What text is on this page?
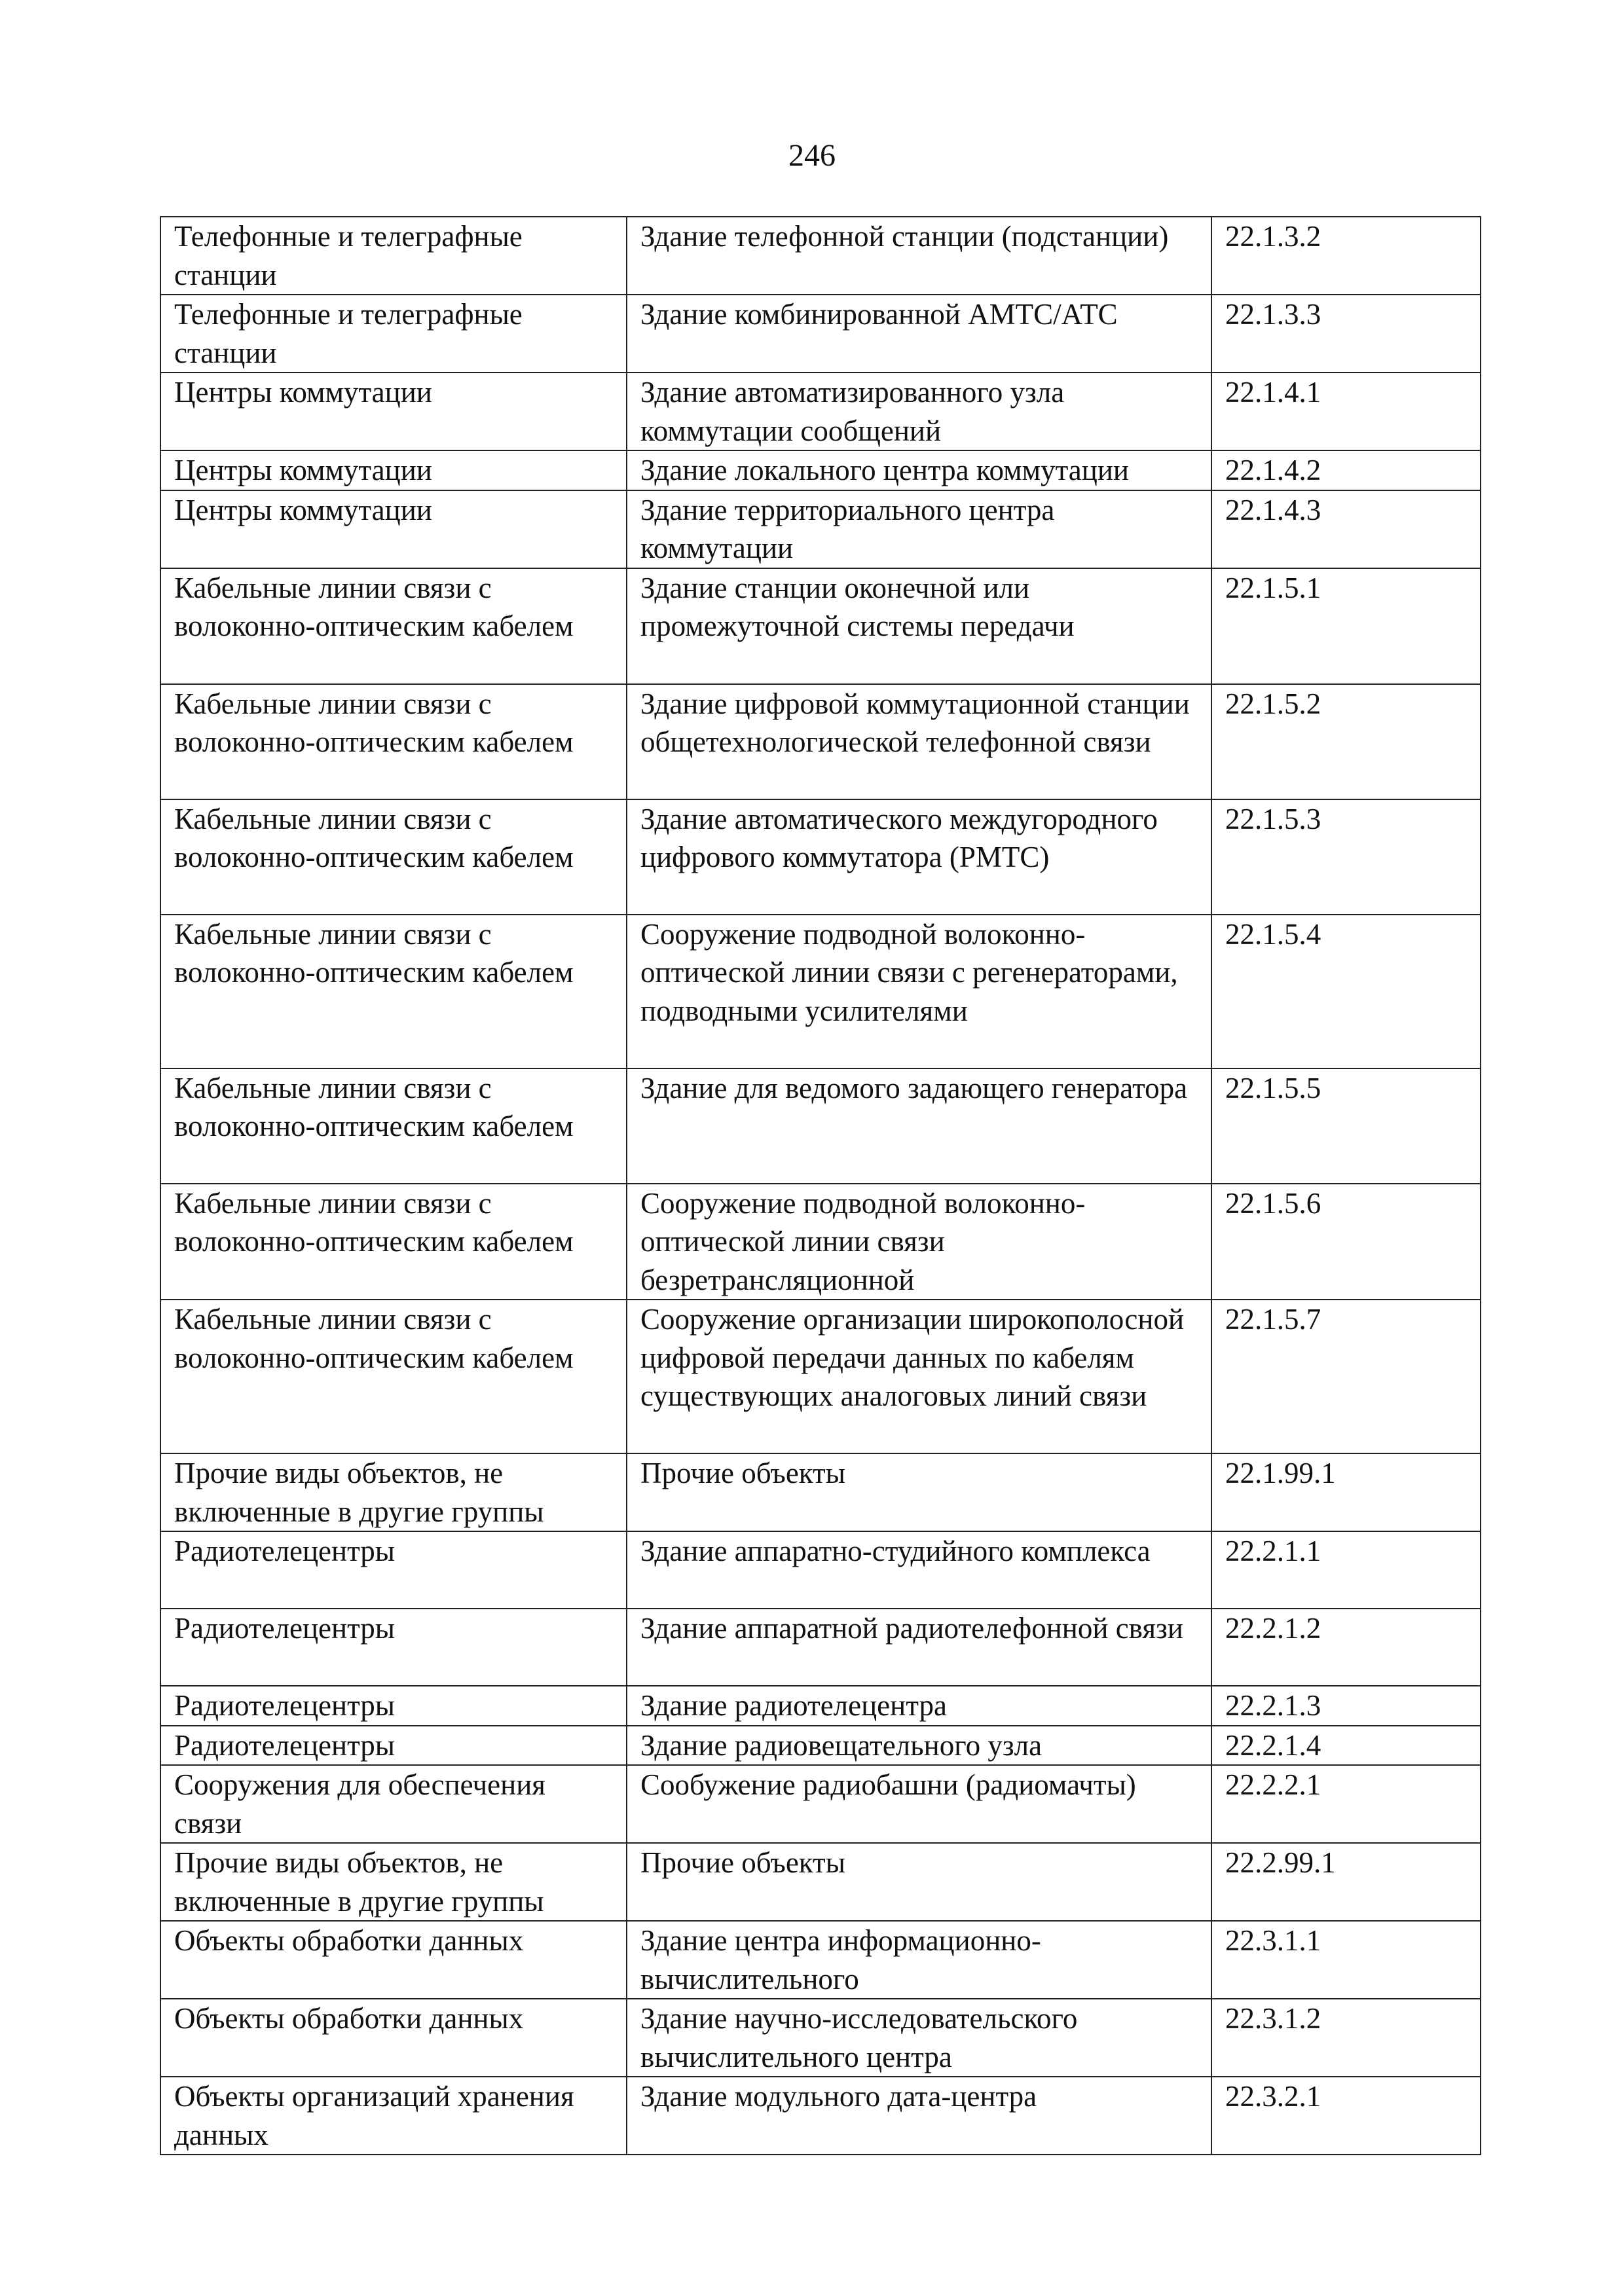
246
Телефонные и телеграфные станции	Здание телефонной станции (подстанции)	22.1.3.2
Телефонные и телеграфные станции	Здание комбинированной АМТС/АТС	22.1.3.3
Центры коммутации	Здание автоматизированного узла коммутации сообщений	22.1.4.1
Центры коммутации	Здание локального центра коммутации	22.1.4.2
Центры коммутации	Здание территориального центра коммутации	22.1.4.3
Кабельные линии связи с волоконно-оптическим кабелем	Здание станции оконечной или промежуточной системы передачи	22.1.5.1
Кабельные линии связи с волоконно-оптическим кабелем	Здание цифровой коммутационной станции общетехнологической телефонной связи	22.1.5.2
Кабельные линии связи с волоконно-оптическим кабелем	Здание автоматического междугородного цифрового коммутатора (РМТС)	22.1.5.3
Кабельные линии связи с волоконно-оптическим кабелем	Сооружение подводной волоконно-оптической линии связи с регенераторами, подводными усилителями	22.1.5.4
Кабельные линии связи с волоконно-оптическим кабелем	Здание для ведомого задающего генератора	22.1.5.5
Кабельные линии связи с волоконно-оптическим кабелем	Сооружение подводной волоконно-оптической линии связи безретрансляционной	22.1.5.6
Кабельные линии связи с волоконно-оптическим кабелем	Сооружение организации широкополосной цифровой передачи данных по кабелям существующих аналоговых линий связи	22.1.5.7
Прочие виды объектов, не включенные в другие группы	Прочие объекты	22.1.99.1
Радиотелецентры	Здание аппаратно-студийного комплекса	22.2.1.1
Радиотелецентры	Здание аппаратной радиотелефонной связи	22.2.1.2
Радиотелецентры	Здание радиотелецентра	22.2.1.3
Радиотелецентры	Здание радиовещательного узла	22.2.1.4
Сооружения для обеспечения связи	Сообужение радиобашни (радиомачты)	22.2.2.1
Прочие виды объектов, не включенные в другие группы	Прочие объекты	22.2.99.1
Объекты обработки данных	Здание центра информационно-вычислительного	22.3.1.1
Объекты обработки данных	Здание научно-исследовательского вычислительного центра	22.3.1.2
Объекты организаций хранения данных	Здание модульного дата-центра	22.3.2.1
